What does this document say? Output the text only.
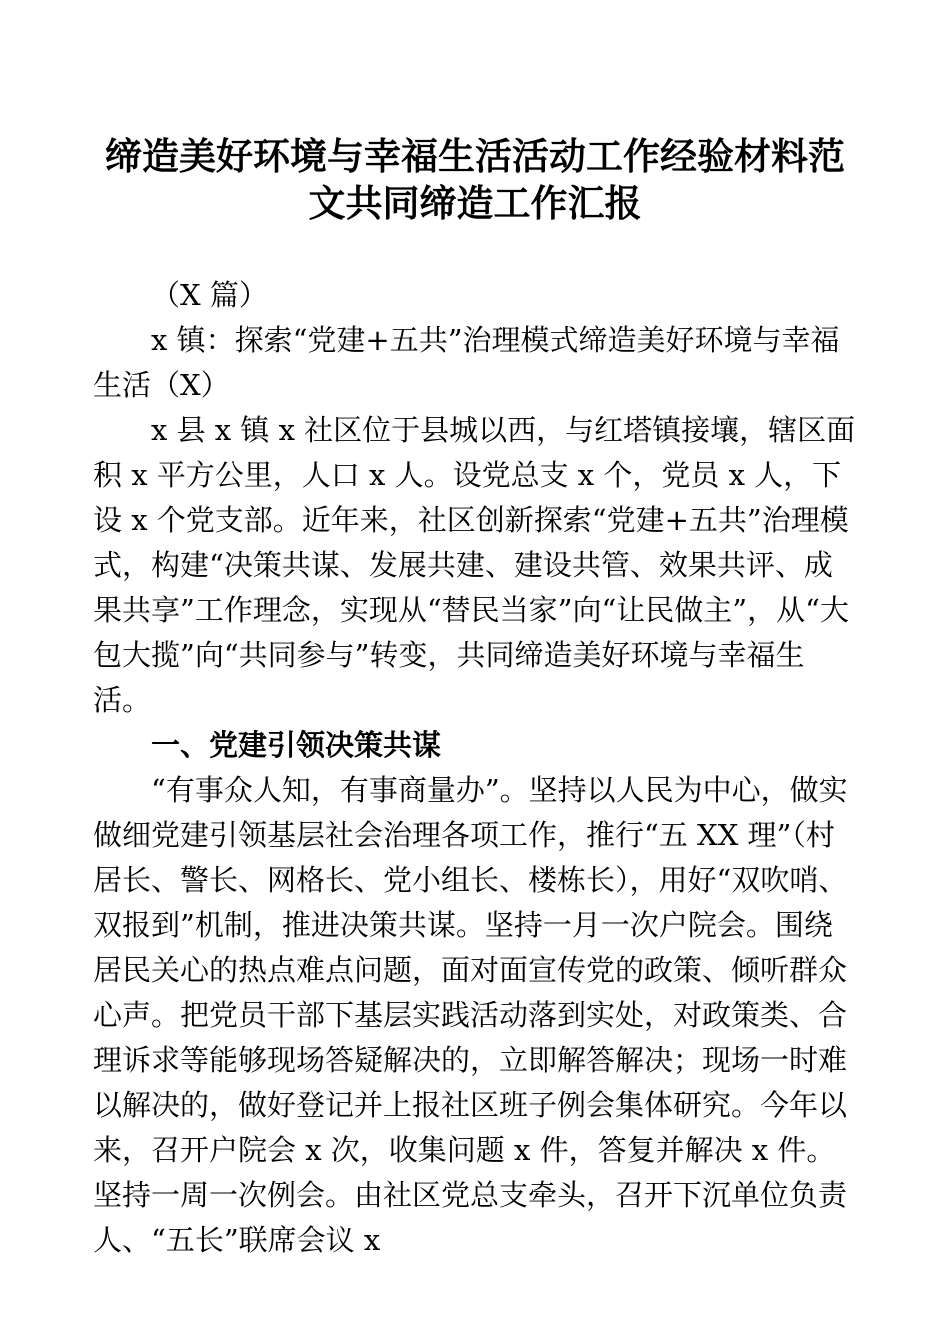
缔造美好环境与幸福生活活动工作经验材料范文共同缔造工作汇报

（X 篇）

x 镇：探索“党建+五共”治理模式缔造美好环境与幸福生活（X）

x 县 x 镇 x 社区位于县城以西，与红塔镇接壤，辖区面积 x 平方公里，人口 x 人。设党总支 x 个，党员 x 人，下设 x 个党支部。近年来，社区创新探索“党建+五共”治理模式，构建“决策共谋、发展共建、建设共管、效果共评、成果共享”工作理念，实现从“替民当家”向“让民做主”，从“大包大揽”向“共同参与”转变，共同缔造美好环境与幸福生活。

一、党建引领决策共谋

“有事众人知，有事商量办”。坚持以人民为中心，做实做细党建引领基层社会治理各项工作，推行“五 XX 理”（村居长、警长、网格长、党小组长、楼栋长），用好“双吹哨、双报到”机制，推进决策共谋。坚持一月一次户院会。围绕居民关心的热点难点问题，面对面宣传党的政策、倾听群众心声。把党员干部下基层实践活动落到实处，对政策类、合理诉求等能够现场答疑解决的，立即解答解决；现场一时难以解决的，做好登记并上报社区班子例会集体研究。今年以来，召开户院会 x 次，收集问题 x 件，答复并解决 x 件。坚持一周一次例会。由社区党总支牵头，召开下沉单位负责人、“五长”联席会议 x
